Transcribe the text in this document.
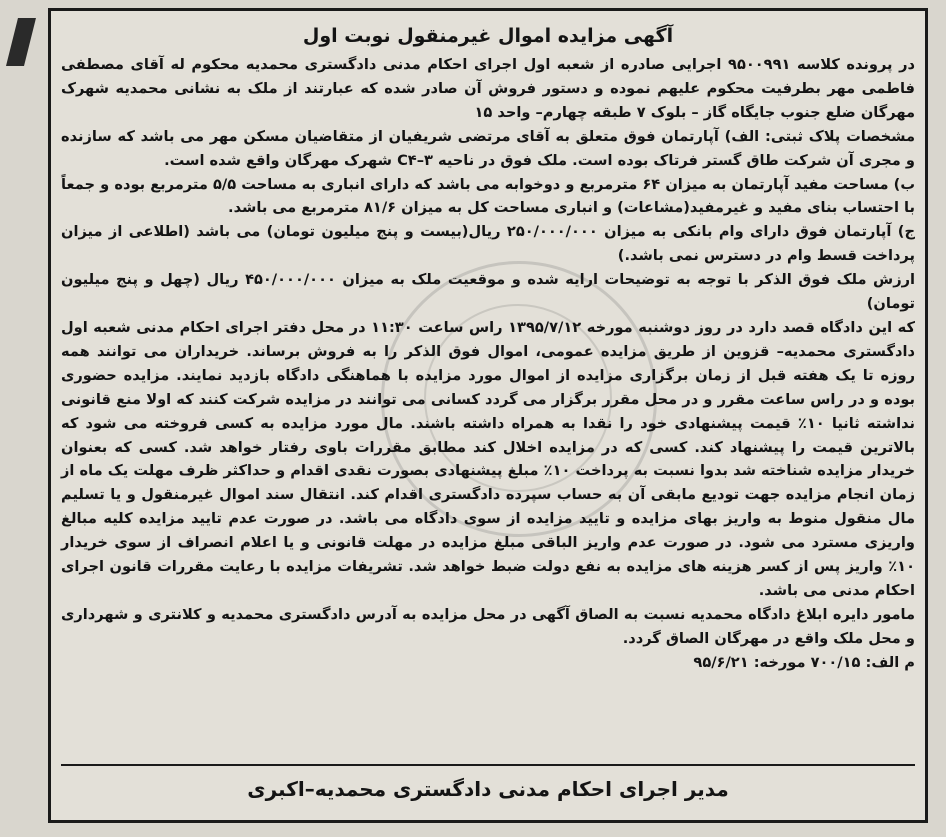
آگهی مزایده اموال غیرمنقول نوبت اول

در پرونده کلاسه ۹۵۰۰۹۹۱ اجرایی صادره از شعبه اول اجرای احکام مدنی دادگستری محمدیه محکوم له آقای مصطفی فاطمی مهر بطرفیت محکوم علیهم نموده و دستور فروش آن صادر شده که عبارتند از ملک به نشانی محمدیه شهرک مهرگان ضلع جنوب جایگاه گاز – بلوک ۷ طبقه چهارم– واحد ۱۵

مشخصات پلاک ثبتی: الف) آپارتمان فوق متعلق به آقای مرتضی شریفیان از متقاضیان مسکن مهر می باشد که سازنده و مجری آن شرکت طاق گستر فرتاک بوده است. ملک فوق در ناحیه ۳–C۴ شهرک مهرگان واقع شده است.

ب) مساحت مفید آپارتمان به میزان ۶۴ مترمربع و دوخوابه می باشد که دارای انباری به مساحت ۵/۵ مترمربع بوده و جمعاً با احتساب بنای مفید و غیرمفید(مشاعات) و انباری مساحت کل به میزان ۸۱/۶ مترمربع می باشد.

ج) آپارتمان فوق دارای وام بانکی به میزان ۲۵۰/۰۰۰/۰۰۰ ریال(بیست و پنج میلیون تومان) می باشد (اطلاعی از میزان پرداخت قسط وام در دسترس نمی باشد.)

ارزش ملک فوق الذکر با توجه به توضیحات ارایه شده و موقعیت ملک به میزان ۴۵۰/۰۰۰/۰۰۰ ریال (چهل و پنج میلیون تومان)

که این دادگاه قصد دارد در روز دوشنبه مورخه ۱۳۹۵/۷/۱۲ راس ساعت ۱۱:۳۰ در محل دفتر اجرای احکام مدنی شعبه اول دادگستری محمدیه– قزوین از طریق مزایده عمومی، اموال فوق الذکر را به فروش برساند. خریداران می توانند همه روزه تا یک هفته قبل از زمان برگزاری مزایده از اموال مورد مزایده با هماهنگی دادگاه بازدید نمایند. مزایده حضوری بوده و در راس ساعت مقرر و در محل مقرر برگزار می گردد کسانی می توانند در مزایده شرکت کنند که اولا منع قانونی نداشته ثانیا ۱۰٪ قیمت پیشنهادی خود را نقدا به همراه داشته باشند. مال مورد مزایده به کسی فروخته می شود که بالاترین قیمت را پیشنهاد کند. کسی که در مزایده اخلال کند مطابق مقررات باوی رفتار خواهد شد. کسی که بعنوان خریدار مزایده شناخته شد بدوا نسبت به پرداخت ۱۰٪ مبلغ پیشنهادی بصورت نقدی اقدام و حداکثر ظرف مهلت یک ماه از زمان انجام مزایده جهت تودیع مابقی آن به حساب سپرده دادگستری اقدام کند. انتقال سند اموال غیرمنقول و یا تسلیم مال منقول منوط به واریز بهای مزایده و تایید مزایده از سوی دادگاه می باشد. در صورت عدم تایید مزایده کلیه مبالغ واریزی مسترد می شود. در صورت عدم واریز الباقی مبلغ مزایده در مهلت قانونی و یا اعلام انصراف از سوی خریدار ۱۰٪ واریز پس از کسر هزینه های مزایده به نفع دولت ضبط خواهد شد. تشریفات مزایده با رعایت مقررات قانون اجرای احکام مدنی می باشد.

مامور دایره ابلاغ دادگاه محمدیه نسبت به الصاق آگهی در محل مزایده به آدرس دادگستری محمدیه و کلانتری و شهرداری و محل ملک واقع در مهرگان الصاق گردد.

م الف: ۷۰۰/۱۵ مورخه: ۹۵/۶/۲۱

مدیر اجرای احکام مدنی دادگستری محمدیه–اکبری
